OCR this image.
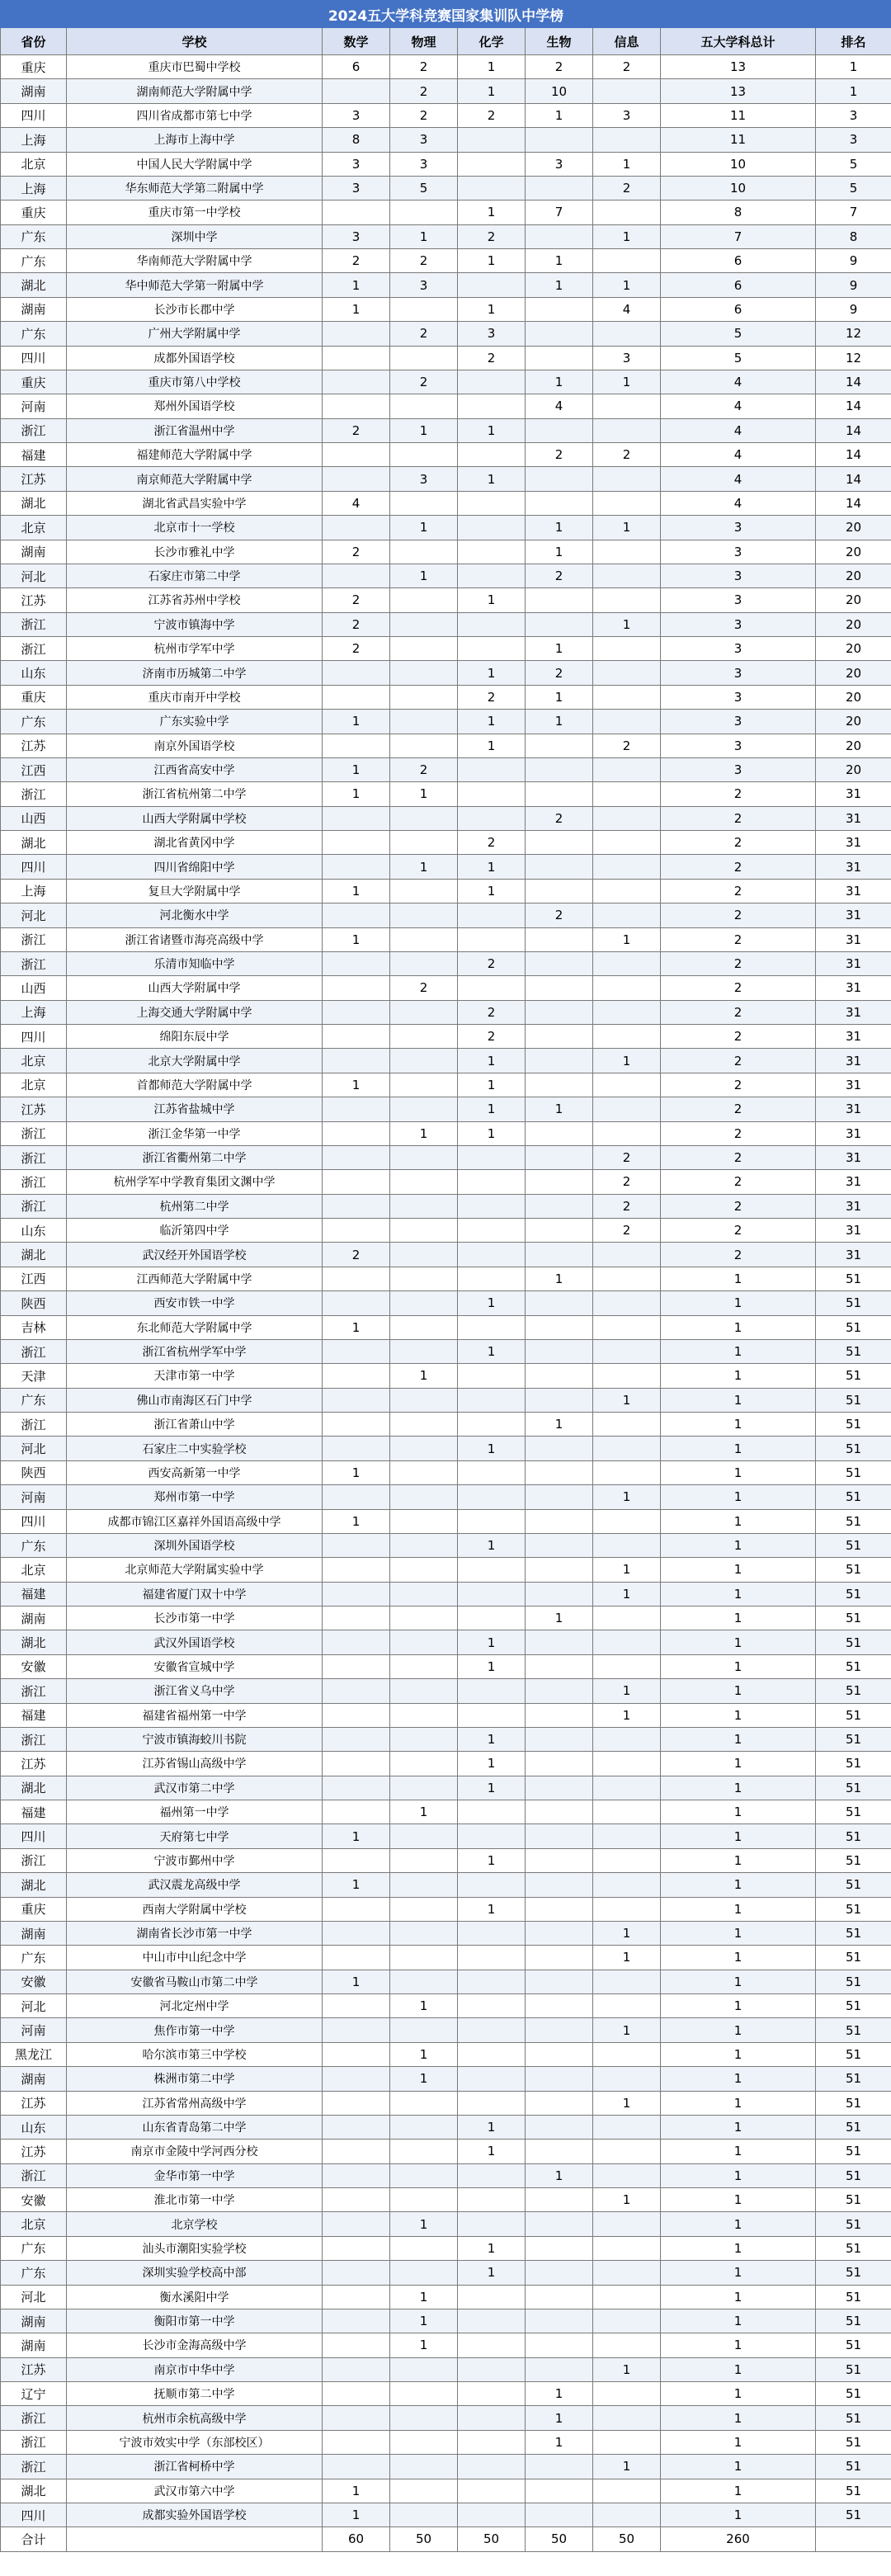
2024五大学科竞赛国家集训队中学榜								
省份	学校	数学	物理	化学	生物	信息	五大学科总计	排名
重庆	重庆市巴蜀中学校	6	2	1	2	2	13	1
湖南	湖南师范大学附属中学		2	1	10		13	1
四川	四川省成都市第七中学	3	2	2	1	3	11	3
上海	上海市上海中学	8	3				11	3
北京	中国人民大学附属中学	3	3		3	1	10	5
上海	华东师范大学第二附属中学	3	5			2	10	5
重庆	重庆市第一中学校			1	7		8	7
广东	深圳中学	3	1	2		1	7	8
广东	华南师范大学附属中学	2	2	1	1		6	9
湖北	华中师范大学第一附属中学	1	3		1	1	6	9
湖南	长沙市长郡中学	1		1		4	6	9
广东	广州大学附属中学		2	3			5	12
四川	成都外国语学校			2		3	5	12
重庆	重庆市第八中学校		2		1	1	4	14
河南	郑州外国语学校				4		4	14
浙江	浙江省温州中学	2	1	1			4	14
福建	福建师范大学附属中学				2	2	4	14
江苏	南京师范大学附属中学		3	1			4	14
湖北	湖北省武昌实验中学	4					4	14
北京	北京市十一学校		1		1	1	3	20
湖南	长沙市雅礼中学	2			1		3	20
河北	石家庄市第二中学		1		2		3	20
江苏	江苏省苏州中学校	2		1			3	20
浙江	宁波市镇海中学	2				1	3	20
浙江	杭州市学军中学	2			1		3	20
山东	济南市历城第二中学			1	2		3	20
重庆	重庆市南开中学校			2	1		3	20
广东	广东实验中学	1		1	1		3	20
江苏	南京外国语学校			1		2	3	20
江西	江西省高安中学	1	2				3	20
浙江	浙江省杭州第二中学	1	1				2	31
山西	山西大学附属中学校				2		2	31
湖北	湖北省黄冈中学			2			2	31
四川	四川省绵阳中学		1	1			2	31
上海	复旦大学附属中学	1		1			2	31
河北	河北衡水中学				2		2	31
浙江	浙江省诸暨市海亮高级中学	1				1	2	31
浙江	乐清市知临中学			2			2	31
山西	山西大学附属中学		2				2	31
上海	上海交通大学附属中学			2			2	31
四川	绵阳东辰中学			2			2	31
北京	北京大学附属中学			1		1	2	31
北京	首都师范大学附属中学	1		1			2	31
江苏	江苏省盐城中学			1	1		2	31
浙江	浙江金华第一中学		1	1			2	31
浙江	浙江省衢州第二中学					2	2	31
浙江	杭州学军中学教育集团文渊中学					2	2	31
浙江	杭州第二中学					2	2	31
山东	临沂第四中学					2	2	31
湖北	武汉经开外国语学校	2					2	31
江西	江西师范大学附属中学				1		1	51
陕西	西安市铁一中学			1			1	51
吉林	东北师范大学附属中学	1					1	51
浙江	浙江省杭州学军中学			1			1	51
天津	天津市第一中学		1				1	51
广东	佛山市南海区石门中学					1	1	51
浙江	浙江省萧山中学				1		1	51
河北	石家庄二中实验学校			1			1	51
陕西	西安高新第一中学	1					1	51
河南	郑州市第一中学					1	1	51
四川	成都市锦江区嘉祥外国语高级中学	1					1	51
广东	深圳外国语学校			1			1	51
北京	北京师范大学附属实验中学					1	1	51
福建	福建省厦门双十中学					1	1	51
湖南	长沙市第一中学				1		1	51
湖北	武汉外国语学校			1			1	51
安徽	安徽省宣城中学			1			1	51
浙江	浙江省义乌中学					1	1	51
福建	福建省福州第一中学					1	1	51
浙江	宁波市镇海蛟川书院			1			1	51
江苏	江苏省锡山高级中学			1			1	51
湖北	武汉市第二中学			1			1	51
福建	福州第一中学		1				1	51
四川	天府第七中学	1					1	51
浙江	宁波市鄞州中学			1			1	51
湖北	武汉震龙高级中学	1					1	51
重庆	西南大学附属中学校			1			1	51
湖南	湖南省长沙市第一中学					1	1	51
广东	中山市中山纪念中学					1	1	51
安徽	安徽省马鞍山市第二中学	1					1	51
河北	河北定州中学		1				1	51
河南	焦作市第一中学					1	1	51
黑龙江	哈尔滨市第三中学校		1				1	51
湖南	株洲市第二中学		1				1	51
江苏	江苏省常州高级中学					1	1	51
山东	山东省青岛第二中学			1			1	51
江苏	南京市金陵中学河西分校			1			1	51
浙江	金华市第一中学				1		1	51
安徽	淮北市第一中学					1	1	51
北京	北京学校		1				1	51
广东	汕头市潮阳实验学校			1			1	51
广东	深圳实验学校高中部			1			1	51
河北	衡水溪阳中学		1				1	51
湖南	衡阳市第一中学		1				1	51
湖南	长沙市金海高级中学		1				1	51
江苏	南京市中华中学					1	1	51
辽宁	抚顺市第二中学				1		1	51
浙江	杭州市余杭高级中学				1		1	51
浙江	宁波市效实中学（东部校区）				1		1	51
浙江	浙江省柯桥中学					1	1	51
湖北	武汉市第六中学	1					1	51
四川	成都实验外国语学校	1					1	51
合计		60	50	50	50	50	260	
